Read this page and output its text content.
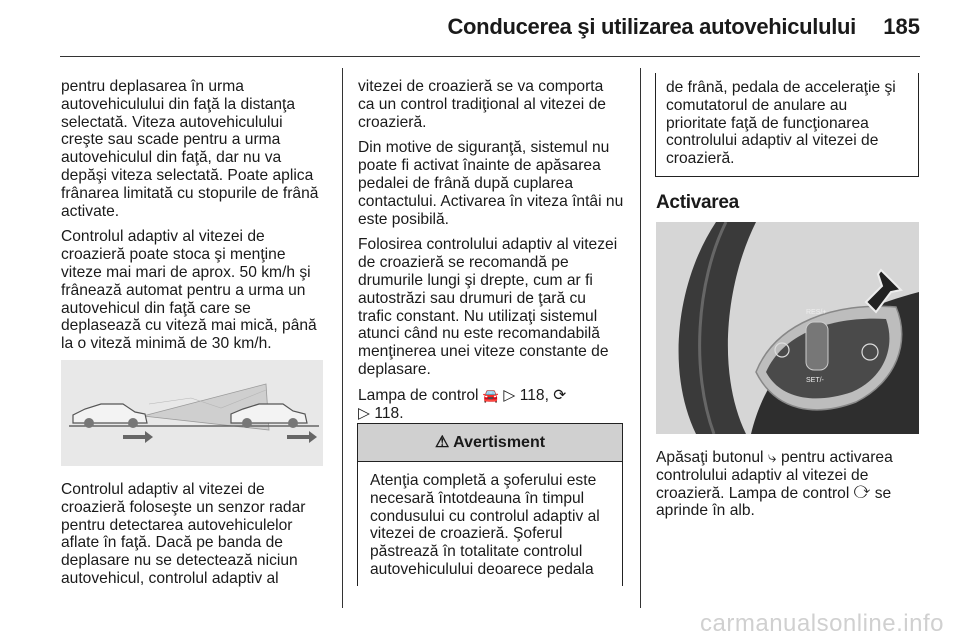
Conducerea şi utilizarea autovehiculului 185

pentru deplasarea în urma autovehiculului din faţă la distanţa selectată. Viteza autovehiculului creşte sau scade pentru a urma autovehiculul din faţă, dar nu va depăşi viteza selectată. Poate aplica frânarea limitată cu stopurile de frână activate.

Controlul adaptiv al vitezei de croazieră poate stoca şi menţine viteze mai mari de aprox. 50 km/h şi frânează automat pentru a urma un autovehicul din faţă care se deplasează cu viteză mai mică, până la o viteză minimă de 30 km/h.

Controlul adaptiv al vitezei de croazieră foloseşte un senzor radar pentru detectarea autovehiculelor aflate în faţă. Dacă pe banda de deplasare nu se detectează niciun autovehicul, controlul adaptiv al

vitezei de croazieră se va comporta ca un control tradiţional al vitezei de croazieră.

Din motive de siguranţă, sistemul nu poate fi activat înainte de apăsarea pedalei de frână după cuplarea contactului. Activarea în viteza întâi nu este posibilă.

Folosirea controlului adaptiv al vitezei de croazieră se recomandă pe drumurile lungi şi drepte, cum ar fi autostrăzi sau drumuri de ţară cu trafic constant. Nu utilizaţi sistemul atunci când nu este recomandabilă menţinerea unei viteze constante de deplasare.

Lampa de control 🚘 ▷ 118, ⟳
▷ 118.

⚠ Avertisment
Atenţia completă a şoferului este necesară întotdeauna în timpul condusului cu controlul adaptiv al vitezei de croazieră. Şoferul păstrează în totalitate controlul autovehiculului deoarece pedala
de frână, pedala de acceleraţie şi comutatorul de anulare au prioritate faţă de funcţionarea controlului adaptiv al vitezei de croazieră.
Activarea
RES/+
SET/-

Apăsaţi butonul ⤷ pentru activarea controlului adaptiv al vitezei de croazieră. Lampa de control ⟳ se aprinde în alb.

carmanualsonline.info
